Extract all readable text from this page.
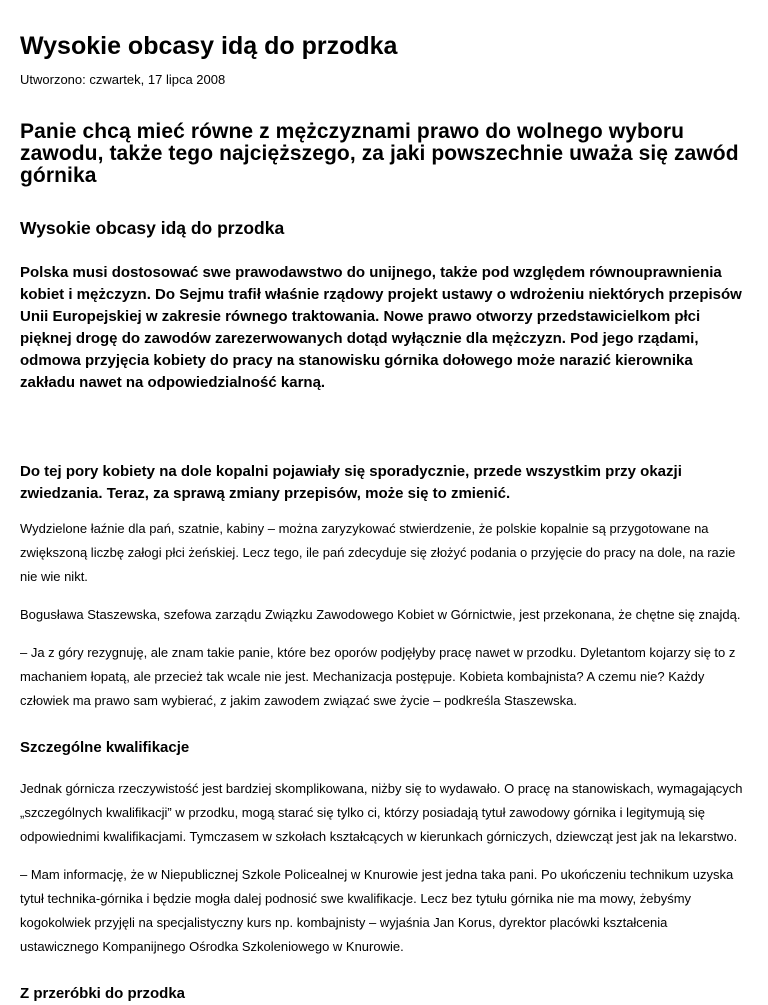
Wysokie obcasy idą do przodka
Utworzono: czwartek, 17 lipca 2008
Panie chcą mieć równe z mężczyznami prawo do wolnego wyboru zawodu, także tego najcięższego, za jaki powszechnie uważa się zawód górnika
Wysokie obcasy idą do przodka

Polska musi dostosować swe prawodawstwo do unijnego, także pod względem równouprawnienia kobiet i mężczyzn. Do Sejmu trafił właśnie rządowy projekt ustawy o wdrożeniu niektórych przepisów Unii Europejskiej w zakresie równego traktowania. Nowe prawo otworzy przedstawicielkom płci pięknej drogę do zawodów zarezerwowanych dotąd wyłącznie dla mężczyzn. Pod jego rządami, odmowa przyjęcia kobiety do pracy na stanowisku górnika dołowego może narazić kierownika zakładu nawet na odpowiedzialność karną.

Do tej pory kobiety na dole kopalni pojawiały się sporadycznie, przede wszystkim przy okazji zwiedzania. Teraz, za sprawą zmiany przepisów, może się to zmienić.

Wydzielone łaźnie dla pań, szatnie, kabiny – można zaryzykować stwierdzenie, że polskie kopalnie są przygotowane na zwiększoną liczbę załogi płci żeńskiej. Lecz tego, ile pań zdecyduje się złożyć podania o przyjęcie do pracy na dole, na razie nie wie nikt.

Bogusława Staszewska, szefowa zarządu Związku Zawodowego Kobiet w Górnictwie, jest przekonana, że chętne się znajdą.

– Ja z góry rezygnuję, ale znam takie panie, które bez oporów podjęłyby pracę nawet w przodku. Dyletantom kojarzy się to z machaniem łopatą, ale przecież tak wcale nie jest. Mechanizacja postępuje. Kobieta kombajnista? A czemu nie? Każdy człowiek ma prawo sam wybierać, z jakim zawodem związać swe życie – podkreśla Staszewska.

Szczególne kwalifikacje

Jednak górnicza rzeczywistość jest bardziej skomplikowana, niżby się to wydawało. O pracę na stanowiskach, wymagających „szczególnych kwalifikacji” w przodku, mogą starać się tylko ci, którzy posiadają tytuł zawodowy górnika i legitymują się odpowiednimi kwalifikacjami. Tymczasem w szkołach kształcących w kierunkach górniczych, dziewcząt jest jak na lekarstwo.

– Mam informację, że w Niepublicznej Szkole Policealnej w Knurowie jest jedna taka pani. Po ukończeniu technikum uzyska tytuł technika-górnika i będzie mogła dalej podnosić swe kwalifikacje. Lecz bez tytułu górnika nie ma mowy, żebyśmy kogokolwiek przyjęli na specjalistyczny kurs np. kombajnisty – wyjaśnia Jan Korus, dyrektor placówki kształcenia ustawicznego Kompanijnego Ośrodka Szkoleniowego w Knurowie.

Z przeróbki do przodka
